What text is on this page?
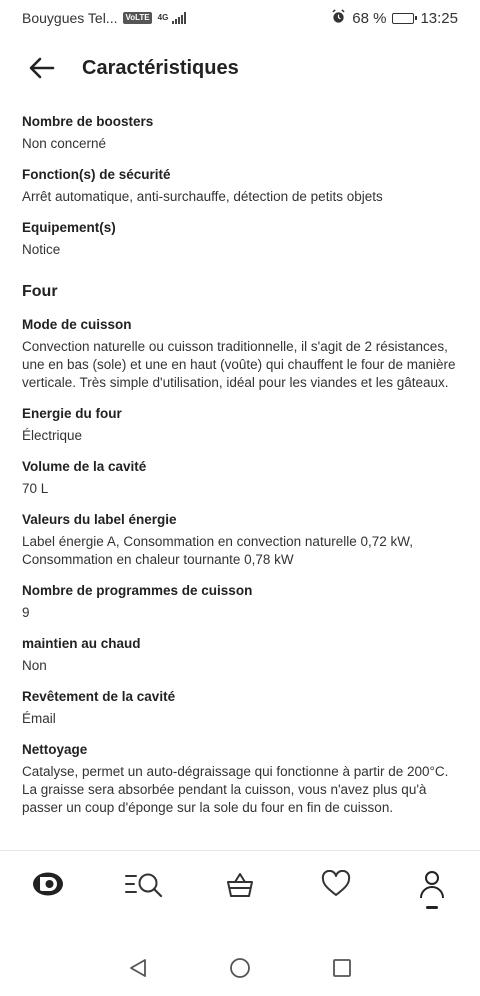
Bouygues Tel... VoLTE 4G	68 % 13:25
Caractéristiques
Nombre de boosters
Non concerné
Fonction(s) de sécurité
Arrêt automatique, anti-surchauffe, détection de petits objets
Equipement(s)
Notice
Four
Mode de cuisson
Convection naturelle ou cuisson traditionnelle, il s'agit de 2 résistances, une en bas (sole) et une en haut (voûte) qui chauffent le four de manière verticale. Très simple d'utilisation, idéal pour les viandes et les gâteaux.
Energie du four
Électrique
Volume de la cavité
70 L
Valeurs du label énergie
Label énergie A, Consommation en convection naturelle 0,72 kW, Consommation en chaleur tournante 0,78 kW
Nombre de programmes de cuisson
9
maintien au chaud
Non
Revêtement de la cavité
Émail
Nettoyage
Catalyse, permet un auto-dégraissage qui fonctionne à partir de 200°C. La graisse sera absorbée pendant la cuisson, vous n'avez plus qu'à passer un coup d'éponge sur la sole du four en fin de cuisson.
